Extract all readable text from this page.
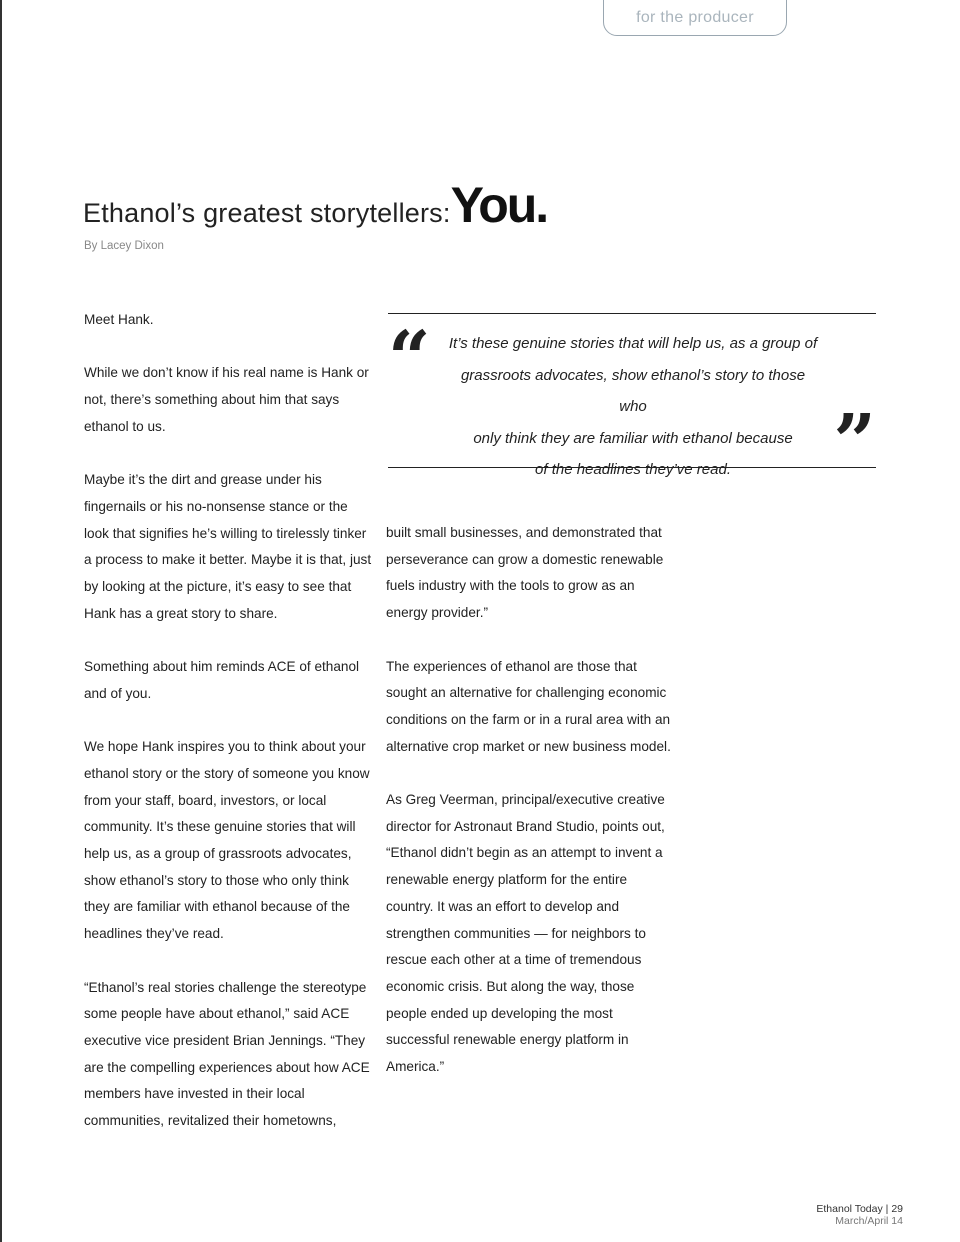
for the producer
Ethanol’s greatest storytellers:You.
By Lacey Dixon

Meet Hank.

While we don’t know if his real name is Hank or not, there’s something about him that says ethanol to us.

Maybe it’s the dirt and grease under his fingernails or his no-nonsense stance or the look that signifies he’s willing to tirelessly tinker a process to make it better. Maybe it is that, just by looking at the picture, it’s easy to see that Hank has a great story to share.

Something about him reminds ACE of ethanol and of you.

We hope Hank inspires you to think about your ethanol story or the story of someone you know from your staff, board, investors, or local community. It’s these genuine stories that will help us, as a group of grassroots advocates, show ethanol’s story to those who only think they are familiar with ethanol because of the headlines they’ve read.

“Ethanol’s real stories challenge the stereotype some people have about ethanol,” said ACE executive vice president Brian Jennings. “They are the compelling experiences about how ACE members have invested in their local communities, revitalized their hometowns,

“ It’s these genuine stories that will help us, as a group of
grassroots advocates, show ethanol’s story to those who
only think they are familiar with ethanol because
of the headlines they’ve read.	”

built small businesses, and demonstrated that perseverance can grow a domestic renewable fuels industry with the tools to grow as an energy provider.”

The experiences of ethanol are those that sought an alternative for challenging economic conditions on the farm or in a rural area with an alternative crop market or new business model.

As Greg Veerman, principal/executive creative director for Astronaut Brand Studio, points out, “Ethanol didn’t begin as an attempt to invent a renewable energy platform for the entire country. It was an effort to develop and strengthen communities — for neighbors to rescue each other at a time of tremendous economic crisis. But along the way, those people ended up developing the most successful renewable energy platform in America.”

Ethanol Today | 29
March/April 14
